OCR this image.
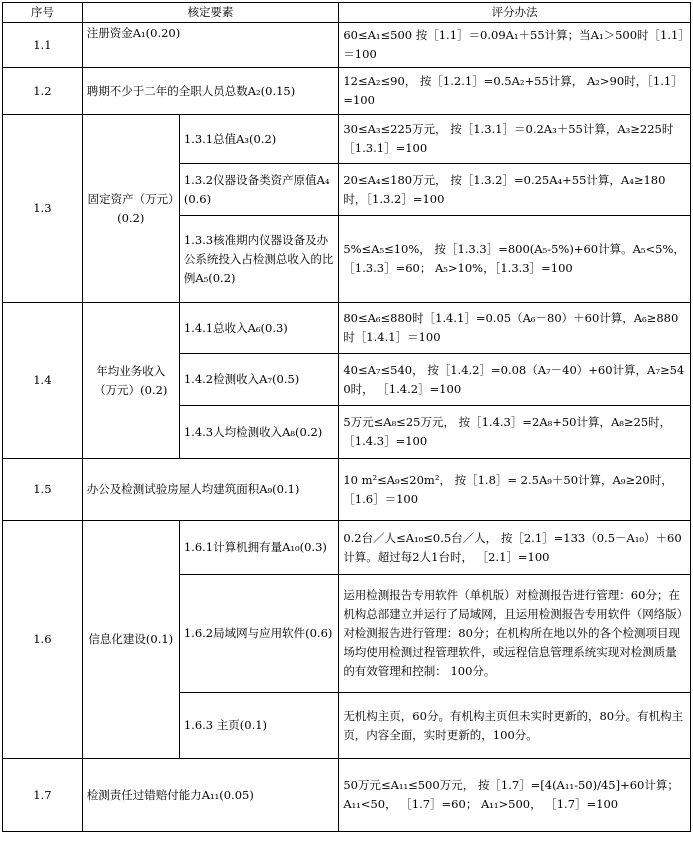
序号	核定要素		评分办法
1.1	注册资金A₁(0.20)		60≤A₁≤500 按［1.1］＝0.09A₁＋55计算；当A₁＞500时［1.1］＝100
1.2	聘期不少于二年的全职人员总数A₂(0.15)		12≤A₂≤90， 按［1.2.1］=0.5A₂+55计算， A₂>90时，［1.1］=100
1.3	固定资产（万元）(0.2)	1.3.1总值A₃(0.2)	30≤A₃≤225万元， 按［1.3.1］＝0.2A₃＋55计算，A₃≥225时［1.3.1］=100
		1.3.2仪器设备类资产原值A₄(0.6)	20≤A₄≤180万元， 按［1.3.2］=0.25A₄+55计算，A₄≥180时，［1.3.2］=100
		1.3.3核准期内仪器设备及办公系统投入占检测总收入的比例A₅(0.2)	5%≤A₅≤10%， 按［1.3.3］=800(A₅-5%)+60计算。A₅<5%， ［1.3.3］=60； A₅>10%，［1.3.3］=100
1.4	年均业务收入（万元）(0.2)	1.4.1总收入A₆(0.3)	80≤A₆≤880时［1.4.1］=0.05（A₆－80）＋60计算，A₆≥880时［1.4.1］＝100
		1.4.2检测收入A₇(0.5)	40≤A₇≤540， 按［1.4.2］=0.08（A₇－40）+60计算，A₇≥540时， ［1.4.2］=100
		1.4.3人均检测收入A₈(0.2)	5万元≤A₈≤25万元， 按［1.4.3］=2A₈+50计算，A₈≥25时， ［1.4.3］=100
1.5	办公及检测试验房屋人均建筑面积A₉(0.1)		10 m²≤A₉≤20m²， 按［1.8］= 2.5A₉＋50计算，A₉≥20时， ［1.6］＝100
1.6	信息化建设(0.1)	1.6.1计算机拥有量A₁₀(0.3)	0.2台／人≤A₁₀≤0.5台／人， 按［2.1］=133（0.5－A₁₀）＋60计算。超过每2人1台时， ［2.1］=100
		1.6.2局域网与应用软件(0.6)	运用检测报告专用软件（单机版）对检测报告进行管理：60分；在机构总部建立并运行了局域网，且运用检测报告专用软件（网络版）对检测报告进行管理：80分；在机构所在地以外的各个检测项目现场均使用检测过程管理软件，或远程信息管理系统实现对检测质量的有效管理和控制： 100分。
		1.6.3 主页(0.1)	无机构主页，60分。有机构主页但未实时更新的，80分。有机构主页，内容全面，实时更新的，100分。
1.7	检测责任过错赔付能力A₁₁(0.05)		50万元≤A₁₁≤500万元， 按［1.7］=[4(A₁₁-50)/45]+60计算； A₁₁<50， ［1.7］=60； A₁₁>500， ［1.7］=100
